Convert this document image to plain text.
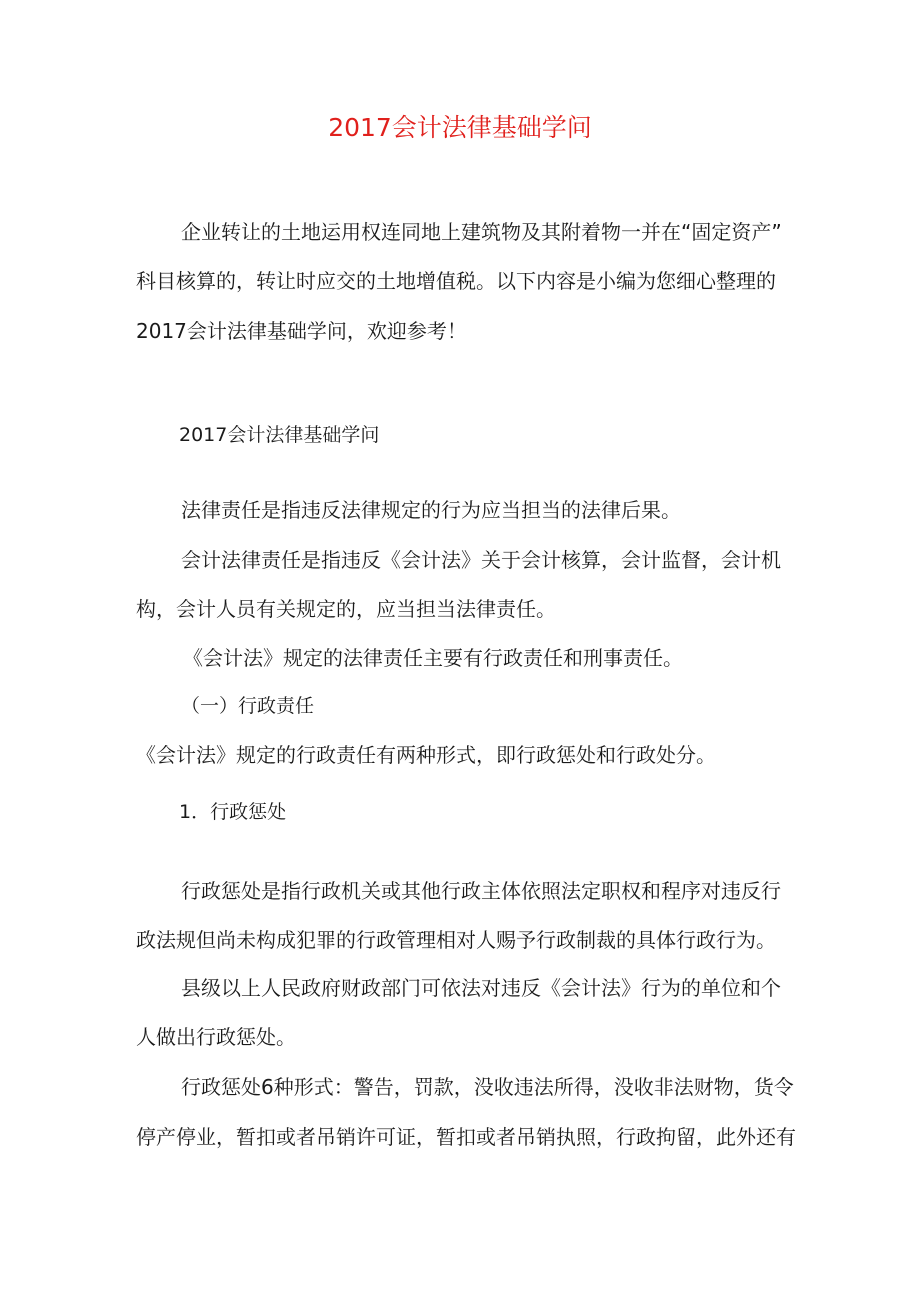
2017会计法律基础学问
企业转让的土地运用权连同地上建筑物及其附着物一并在“固定资产”
科目核算的，转让时应交的土地增值税。以下内容是小编为您细心整理的
2017会计法律基础学问，欢迎参考！
2017会计法律基础学问
法律责任是指违反法律规定的行为应当担当的法律后果。
会计法律责任是指违反《会计法》关于会计核算，会计监督，会计机
构，会计人员有关规定的，应当担当法律责任。
《会计法》规定的法律责任主要有行政责任和刑事责任。
（一）行政责任
《会计法》规定的行政责任有两种形式，即行政惩处和行政处分。
1．行政惩处
行政惩处是指行政机关或其他行政主体依照法定职权和程序对违反行
政法规但尚未构成犯罪的行政管理相对人赐予行政制裁的具体行政行为。
县级以上人民政府财政部门可依法对违反《会计法》行为的单位和个
人做出行政惩处。
行政惩处6种形式：警告，罚款，没收违法所得，没收非法财物，货令
停产停业，暂扣或者吊销许可证，暂扣或者吊销执照，行政拘留，此外还有
